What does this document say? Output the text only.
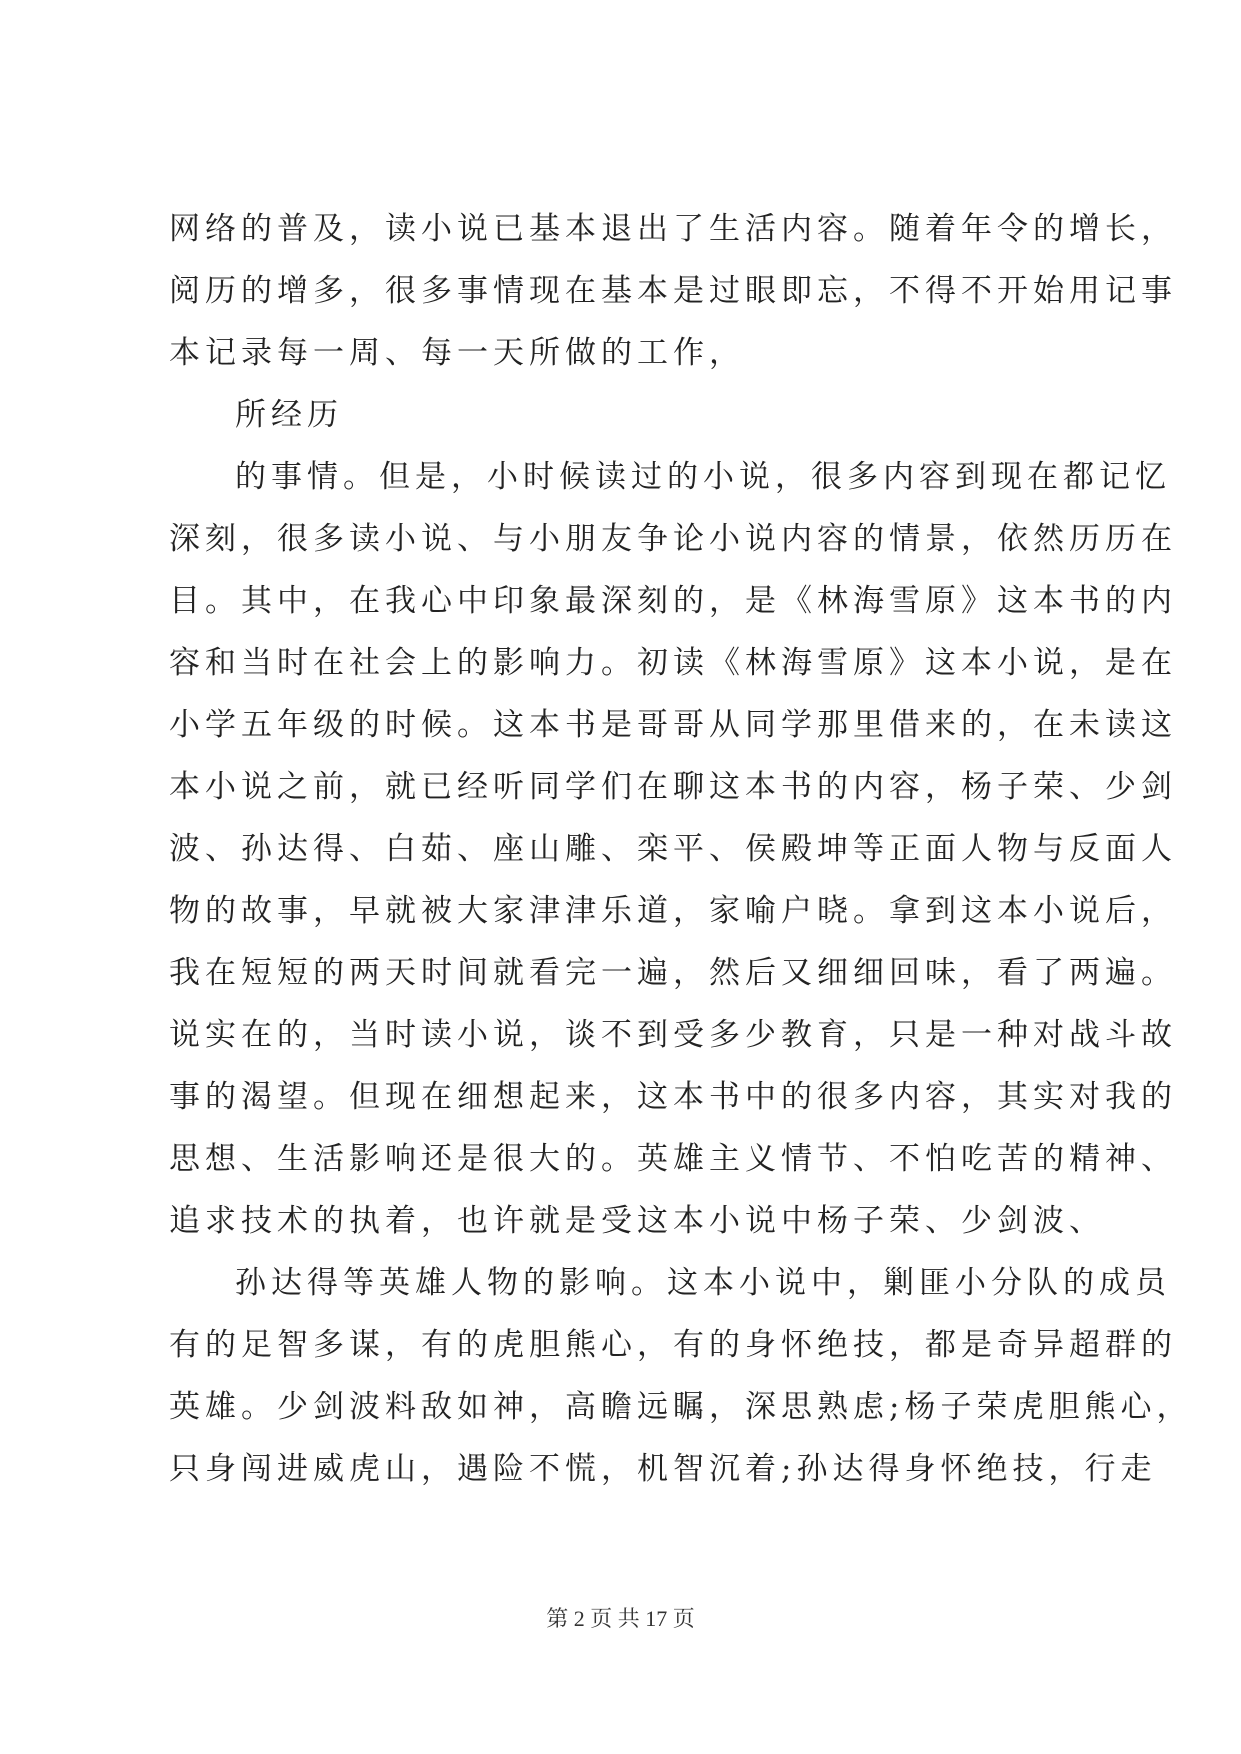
网络的普及，读小说已基本退出了生活内容。随着年令的增长，
阅历的增多，很多事情现在基本是过眼即忘，不得不开始用记事
本记录每一周、每一天所做的工作，
所经历
的事情。但是，小时候读过的小说，很多内容到现在都记忆
深刻，很多读小说、与小朋友争论小说内容的情景，依然历历在
目。其中，在我心中印象最深刻的，是《林海雪原》这本书的内
容和当时在社会上的影响力。初读《林海雪原》这本小说，是在
小学五年级的时候。这本书是哥哥从同学那里借来的，在未读这
本小说之前，就已经听同学们在聊这本书的内容，杨子荣、少剑
波、孙达得、白茹、座山雕、栾平、侯殿坤等正面人物与反面人
物的故事，早就被大家津津乐道，家喻户晓。拿到这本小说后，
我在短短的两天时间就看完一遍，然后又细细回味，看了两遍。
说实在的，当时读小说，谈不到受多少教育，只是一种对战斗故
事的渴望。但现在细想起来，这本书中的很多内容，其实对我的
思想、生活影响还是很大的。英雄主义情节、不怕吃苦的精神、
追求技术的执着，也许就是受这本小说中杨子荣、少剑波、
孙达得等英雄人物的影响。这本小说中，剿匪小分队的成员
有的足智多谋，有的虎胆熊心，有的身怀绝技，都是奇异超群的
英雄。少剑波料敌如神，高瞻远瞩，深思熟虑;杨子荣虎胆熊心，
只身闯进威虎山，遇险不慌，机智沉着;孙达得身怀绝技，行走
第 2 页 共 17 页
